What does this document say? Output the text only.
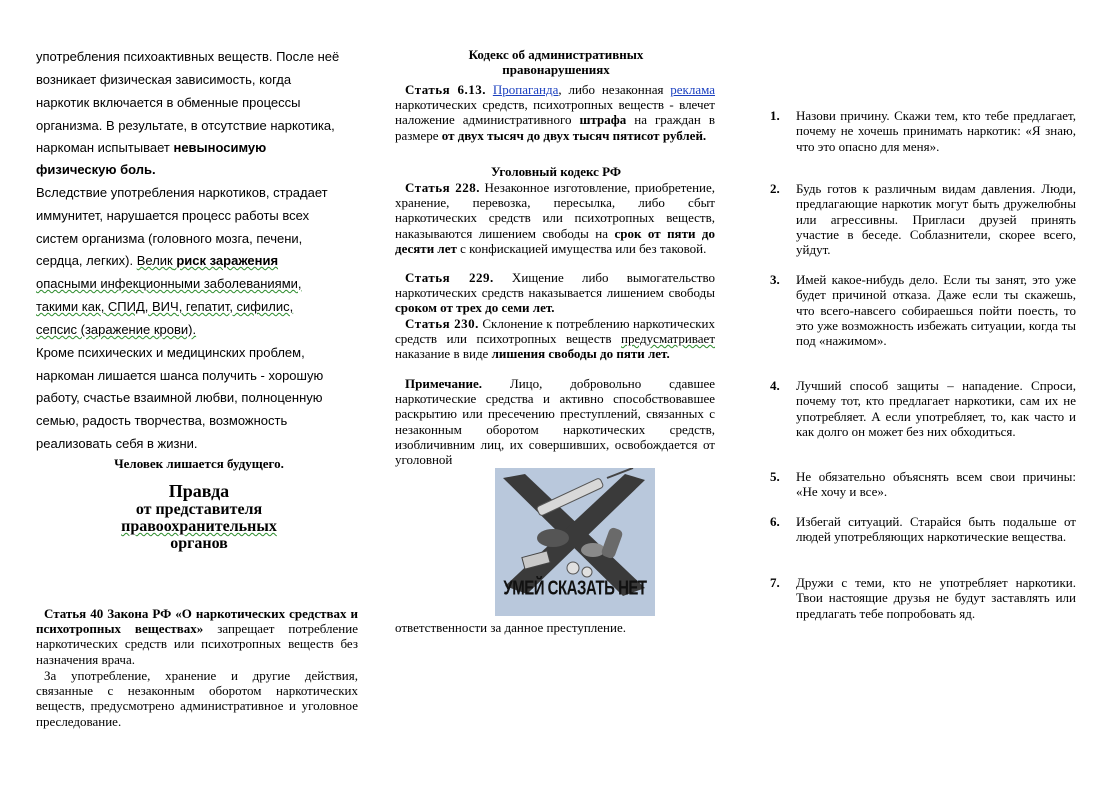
употребления психоактивных веществ. После неё
возникает физическая зависимость, когда
наркотик включается в обменные процессы
организма. В результате, в отсутствие наркотика,
наркоман испытывает невыносимую
физическую боль.
Вследствие употребления наркотиков, страдает
иммунитет, нарушается процесс работы всех
систем организма (головного мозга, печени,
сердца, легких). Велик риск заражения
опасными инфекционными заболеваниями,
такими как, СПИД, ВИЧ, гепатит, сифилис,
сепсис (заражение крови).
Кроме психических и медицинских проблем,
наркоман лишается шанса получить - хорошую
работу, счастье взаимной любви, полноценную
семью, радость творчества, возможность
реализовать себя в жизни.
Человек лишается будущего.
Правда
от представителя
правоохранительных
органов
Статья 40 Закона РФ «О наркотических средствах и психотропных веществах» запрещает потребление наркотических средств или психотропных веществ без назначения врача.
За употребление, хранение и другие действия, связанные с незаконным оборотом наркотических веществ, предусмотрено административное и уголовное преследование.
Кодекс об административных
правонарушениях
Статья 6.13. Пропаганда, либо незаконная реклама наркотических средств, психотропных веществ - влечет наложение административного штрафа на граждан в размере от двух тысяч до двух тысяч пятисот рублей.
Уголовный кодекс РФ
Статья 228. Незаконное изготовление, приобретение, хранение, перевозка, пересылка, либо сбыт наркотических средств или психотропных веществ, наказываются лишением свободы на срок от пяти до десяти лет с конфискацией имущества или без таковой.
Статья 229. Хищение либо вымогательство наркотических средств наказывается лишением свободы сроком от трех до семи лет.
Статья 230. Склонение к потреблению наркотических средств или психотропных веществ предусматривает наказание в виде лишения свободы до пяти лет.
Примечание. Лицо, добровольно сдавшее наркотические средства и активно способствовавшее раскрытию или пресечению преступлений, связанных с незаконным оборотом наркотических средств, изобличивним лиц, их совершивших, освобождается от уголовной
УМЕЙ СКАЗАТЬ НЕТ
ответственности за данное преступление.
1. Назови причину. Скажи тем, кто тебе предлагает, почему не хочешь принимать наркотик: «Я знаю, что это опасно для меня».
2. Будь готов к различным видам давления. Люди, предлагающие наркотик могут быть дружелюбны или агрессивны. Пригласи друзей принять участие в беседе. Соблазнители, скорее всего, уйдут.
3. Имей какое-нибудь дело. Если ты занят, это уже будет причиной отказа. Даже если ты скажешь, что всего-навсего собираешься пойти поесть, то это уже возможность избежать ситуации, когда ты под «нажимом».
4. Лучший способ защиты – нападение. Спроси, почему тот, кто предлагает наркотики, сам их не употребляет. А если употребляет, то, как часто и как долго он может без них обходиться.
5. Не обязательно объяснять всем свои причины: «Не хочу и все».
6. Избегай ситуаций. Старайся быть подальше от людей употребляющих наркотические вещества.
7. Дружи с теми, кто не употребляет наркотики. Твои настоящие друзья не будут заставлять или предлагать тебе попробовать яд.
